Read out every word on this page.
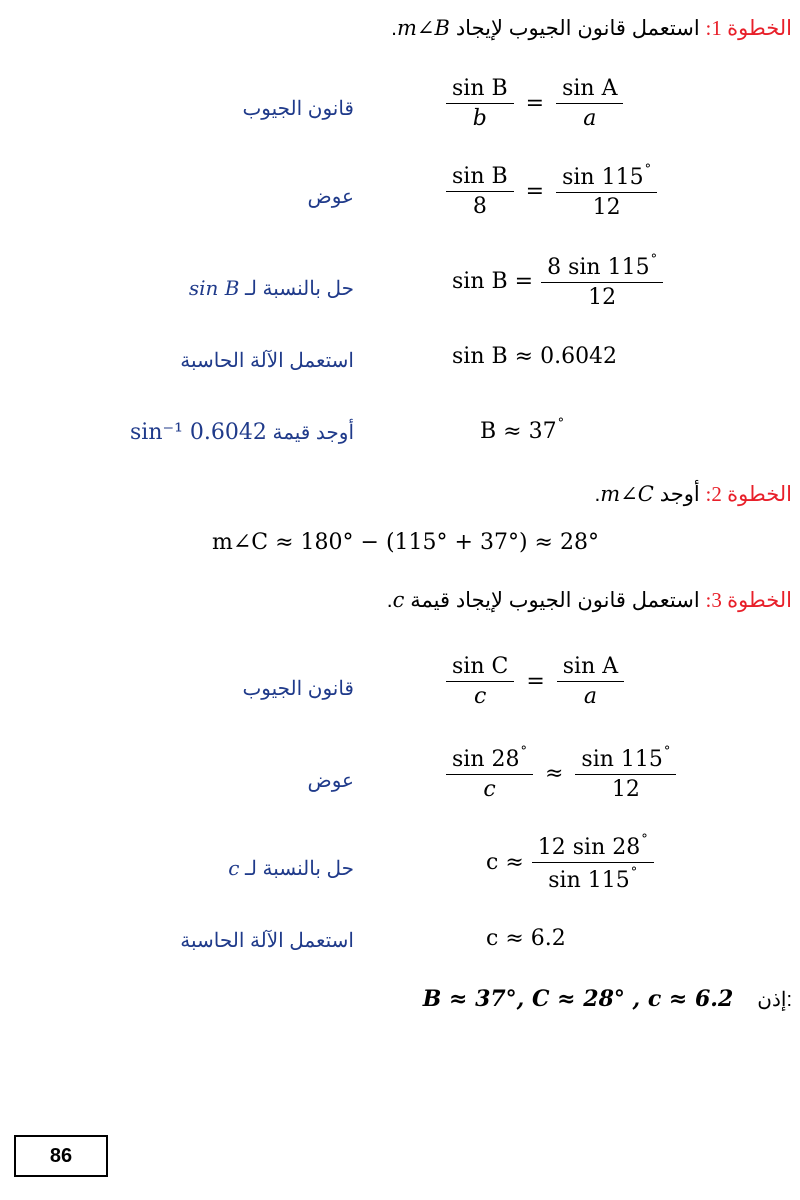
الخطوة 1: استعمل قانون الجيوب لإيجاد m∠B.
قانون الجيوب	$\frac{\text{sin B}}{b} = \frac{\text{sin A}}{a}$
عوض	$\frac{\text{sin B}}{8} = \frac{\sin 115^\circ}{12}$
حل بالنسبة لـ sin B	$\sin B = \frac{8 \sin 115^\circ}{12}$
استعمل الآلة الحاسبة	sin B ≈ 0.6042
أوجد قيمة sin⁻¹ 0.6042	B ≈ 37°
الخطوة 2: أوجد m∠C.
m∠C ≈ 180° − (115° + 37°) ≈ 28°
الخطوة 3: استعمل قانون الجيوب لإيجاد قيمة c.
قانون الجيوب	$\frac{\text{sin C}}{c} = \frac{\text{sin A}}{a}$
عوض	$\frac{\sin 28^\circ}{c} \approx \frac{\sin 115^\circ}{12}$
حل بالنسبة لـ c	$c \approx \frac{12 \sin 28^\circ}{\sin 115^\circ}$
استعمل الآلة الحاسبة	c ≈ 6.2
B ≈ 37°, C ≈ 28° , c ≈ 6.2 إذن:
86
